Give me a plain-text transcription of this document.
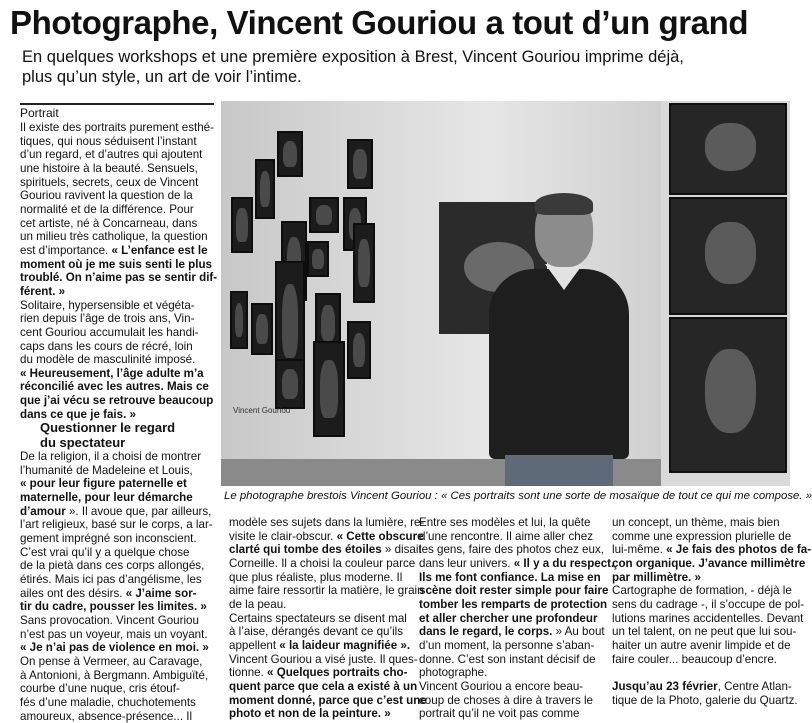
Photographe, Vincent Gouriou a tout d’un grand
En quelques workshops et une première exposition à Brest, Vincent Gouriou imprime déjà,
plus qu’un style, un art de voir l’intime.
Portrait
Il existe des portraits purement esthé-
tiques, qui nous séduisent l’instant
d’un regard, et d’autres qui ajoutent
une histoire à la beauté. Sensuels,
spirituels, secrets, ceux de Vincent
Gouriou ravivent la question de la
normalité et de la différence. Pour
cet artiste, né à Concarneau, dans
un milieu très catholique, la question
est d’importance. « L’enfance est le
moment où je me suis senti le plus
troublé. On n’aime pas se sentir dif-
férent. »
Solitaire, hypersensible et végéta-
rien depuis l’âge de trois ans, Vin-
cent Gouriou accumulait les handi-
caps dans les cours de récré, loin
du modèle de masculinité imposé.
« Heureusement, l’âge adulte m’a
réconcilié avec les autres. Mais ce
que j’ai vécu se retrouve beaucoup
dans ce que je fais. »
Questionner le regard
du spectateur
De la religion, il a choisi de montrer
l’humanité de Madeleine et Louis,
« pour leur figure paternelle et
maternelle, pour leur démarche
d’amour ». Il avoue que, par ailleurs,
l’art religieux, basé sur le corps, a lar-
gement imprégné son inconscient.
C’est vrai qu’il y a quelque chose
de la pietà dans ces corps allongés,
étirés. Mais ici pas d’angélisme, les
ailes ont des désirs. « J’aime sor-
tir du cadre, pousser les limites. »
Sans provocation. Vincent Gouriou
n’est pas un voyeur, mais un voyant.
« Je n’ai pas de violence en moi. »
On pense à Vermeer, au Caravage,
à Antonioni, à Bergmann. Ambiguïté,
courbe d’une nuque, cris étouf-
fés d’une maladie, chuchotements
amoureux, absence-présence... Il
Vincent Gouriou
Le photographe brestois Vincent Gouriou : « Ces portraits sont une sorte de mosaïque de tout ce qui me compose. »
modèle ses sujets dans la lumière, re-
visite le clair-obscur. « Cette obscure
clarté qui tombe des étoiles » disait
Corneille. Il a choisi la couleur parce
que plus réaliste, plus moderne. Il
aime faire ressortir la matière, le grain
de la peau.
Certains spectateurs se disent mal
à l’aise, dérangés devant ce qu’ils
appellent « la laideur magnifiée ».
Vincent Gouriou a visé juste. Il ques-
tionne. « Quelques portraits cho-
quent parce que cela a existé à un
moment donné, parce que c’est une
photo et non de la peinture. »
Entre ses modèles et lui, la quête
d’une rencontre. Il aime aller chez
les gens, faire des photos chez eux,
dans leur univers. « Il y a du respect.
Ils me font confiance. La mise en
scène doit rester simple pour faire
tomber les remparts de protection
et aller chercher une profondeur
dans le regard, le corps. » Au bout
d’un moment, la personne s’aban-
donne. C’est son instant décisif de
photographe.
Vincent Gouriou a encore beau-
coup de choses à dire à travers le
portrait qu’il ne voit pas comme
un concept, un thème, mais bien
comme une expression plurielle de
lui-même. « Je fais des photos de fa-
çon organique. J’avance millimètre
par millimètre. »
Cartographe de formation, - déjà le
sens du cadrage -, il s’occupe de pol-
lutions marines accidentelles. Devant
un tel talent, on ne peut que lui sou-
haiter un autre avenir limpide et de
faire couler... beaucoup d’encre.

Jusqu’au 23 février, Centre Atlan-
tique de la Photo, galerie du Quartz.
